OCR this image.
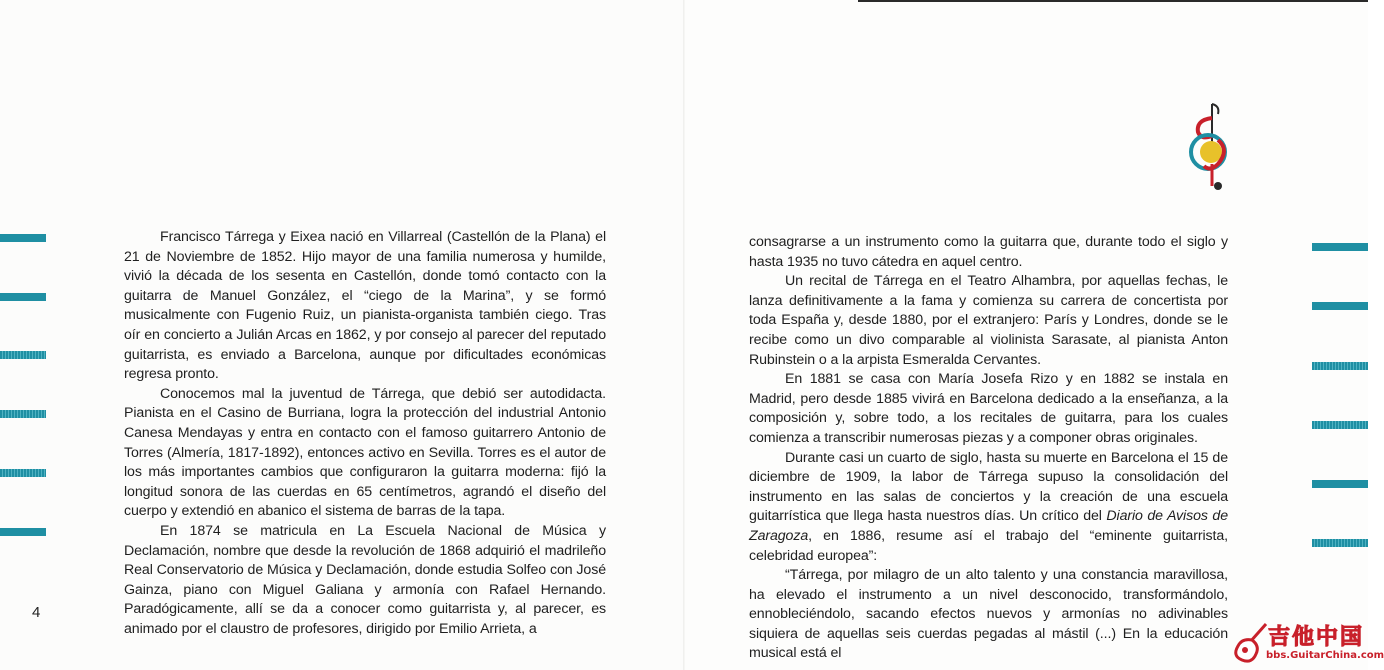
Francisco Tárrega y Eixea nació en Villarreal (Castellón de la Plana) el 21 de Noviembre de 1852. Hijo mayor de una familia numerosa y humilde, vivió la década de los sesenta en Castellón, donde tomó contacto con la guitarra de Manuel González, el “ciego de la Marina”, y se formó musicalmente con Fugenio Ruiz, un pianista-organista también ciego. Tras oír en concierto a Julián Arcas en 1862, y por consejo al parecer del reputado guitarrista, es enviado a Barcelona, aunque por dificultades económicas regresa pronto.

Conocemos mal la juventud de Tárrega, que debió ser autodidacta. Pianista en el Casino de Burriana, logra la protección del industrial Antonio Canesa Mendayas y entra en contacto con el famoso guitarrero Antonio de Torres (Almería, 1817-1892), entonces activo en Sevilla. Torres es el autor de los más importantes cambios que configuraron la guitarra moderna: fijó la longitud sonora de las cuerdas en 65 centímetros, agrandó el diseño del cuerpo y extendió en abanico el sistema de barras de la tapa.

En 1874 se matricula en La Escuela Nacional de Música y Declamación, nombre que desde la revolución de 1868 adquirió el madrileño Real Conservatorio de Música y Declamación, donde estudia Solfeo con José Gainza, piano con Miguel Galiana y armonía con Rafael Hernando. Paradógicamente, allí se da a conocer como guitarrista y, al parecer, es animado por el claustro de profesores, dirigido por Emilio Arrieta, a

4

consagrarse a un instrumento como la guitarra que, durante todo el siglo y hasta 1935 no tuvo cátedra en aquel centro.

Un recital de Tárrega en el Teatro Alhambra, por aquellas fechas, le lanza definitivamente a la fama y comienza su carrera de concertista por toda España y, desde 1880, por el extranjero: París y Londres, donde se le recibe como un divo comparable al violinista Sarasate, al pianista Anton Rubinstein o a la arpista Esmeralda Cervantes.

En 1881 se casa con María Josefa Rizo y en 1882 se instala en Madrid, pero desde 1885 vivirá en Barcelona dedicado a la enseñanza, a la composición y, sobre todo, a los recitales de guitarra, para los cuales comienza a transcribir numerosas piezas y a componer obras originales.

Durante casi un cuarto de siglo, hasta su muerte en Barcelona el 15 de diciembre de 1909, la labor de Tárrega supuso la consolidación del instrumento en las salas de conciertos y la creación de una escuela guitarrística que llega hasta nuestros días. Un crítico del Diario de Avisos de Zaragoza, en 1886, resume así el trabajo del “eminente guitarrista, celebridad europea”:

“Tárrega, por milagro de un alto talento y una constancia maravillosa, ha elevado el instrumento a un nivel desconocido, transformándolo, ennobleciéndolo, sacando efectos nuevos y armonías no adivinables siquiera de aquellas seis cuerdas pegadas al mástil (...) En la educación musical está el

吉他中国
bbs.GuitarChina.com
